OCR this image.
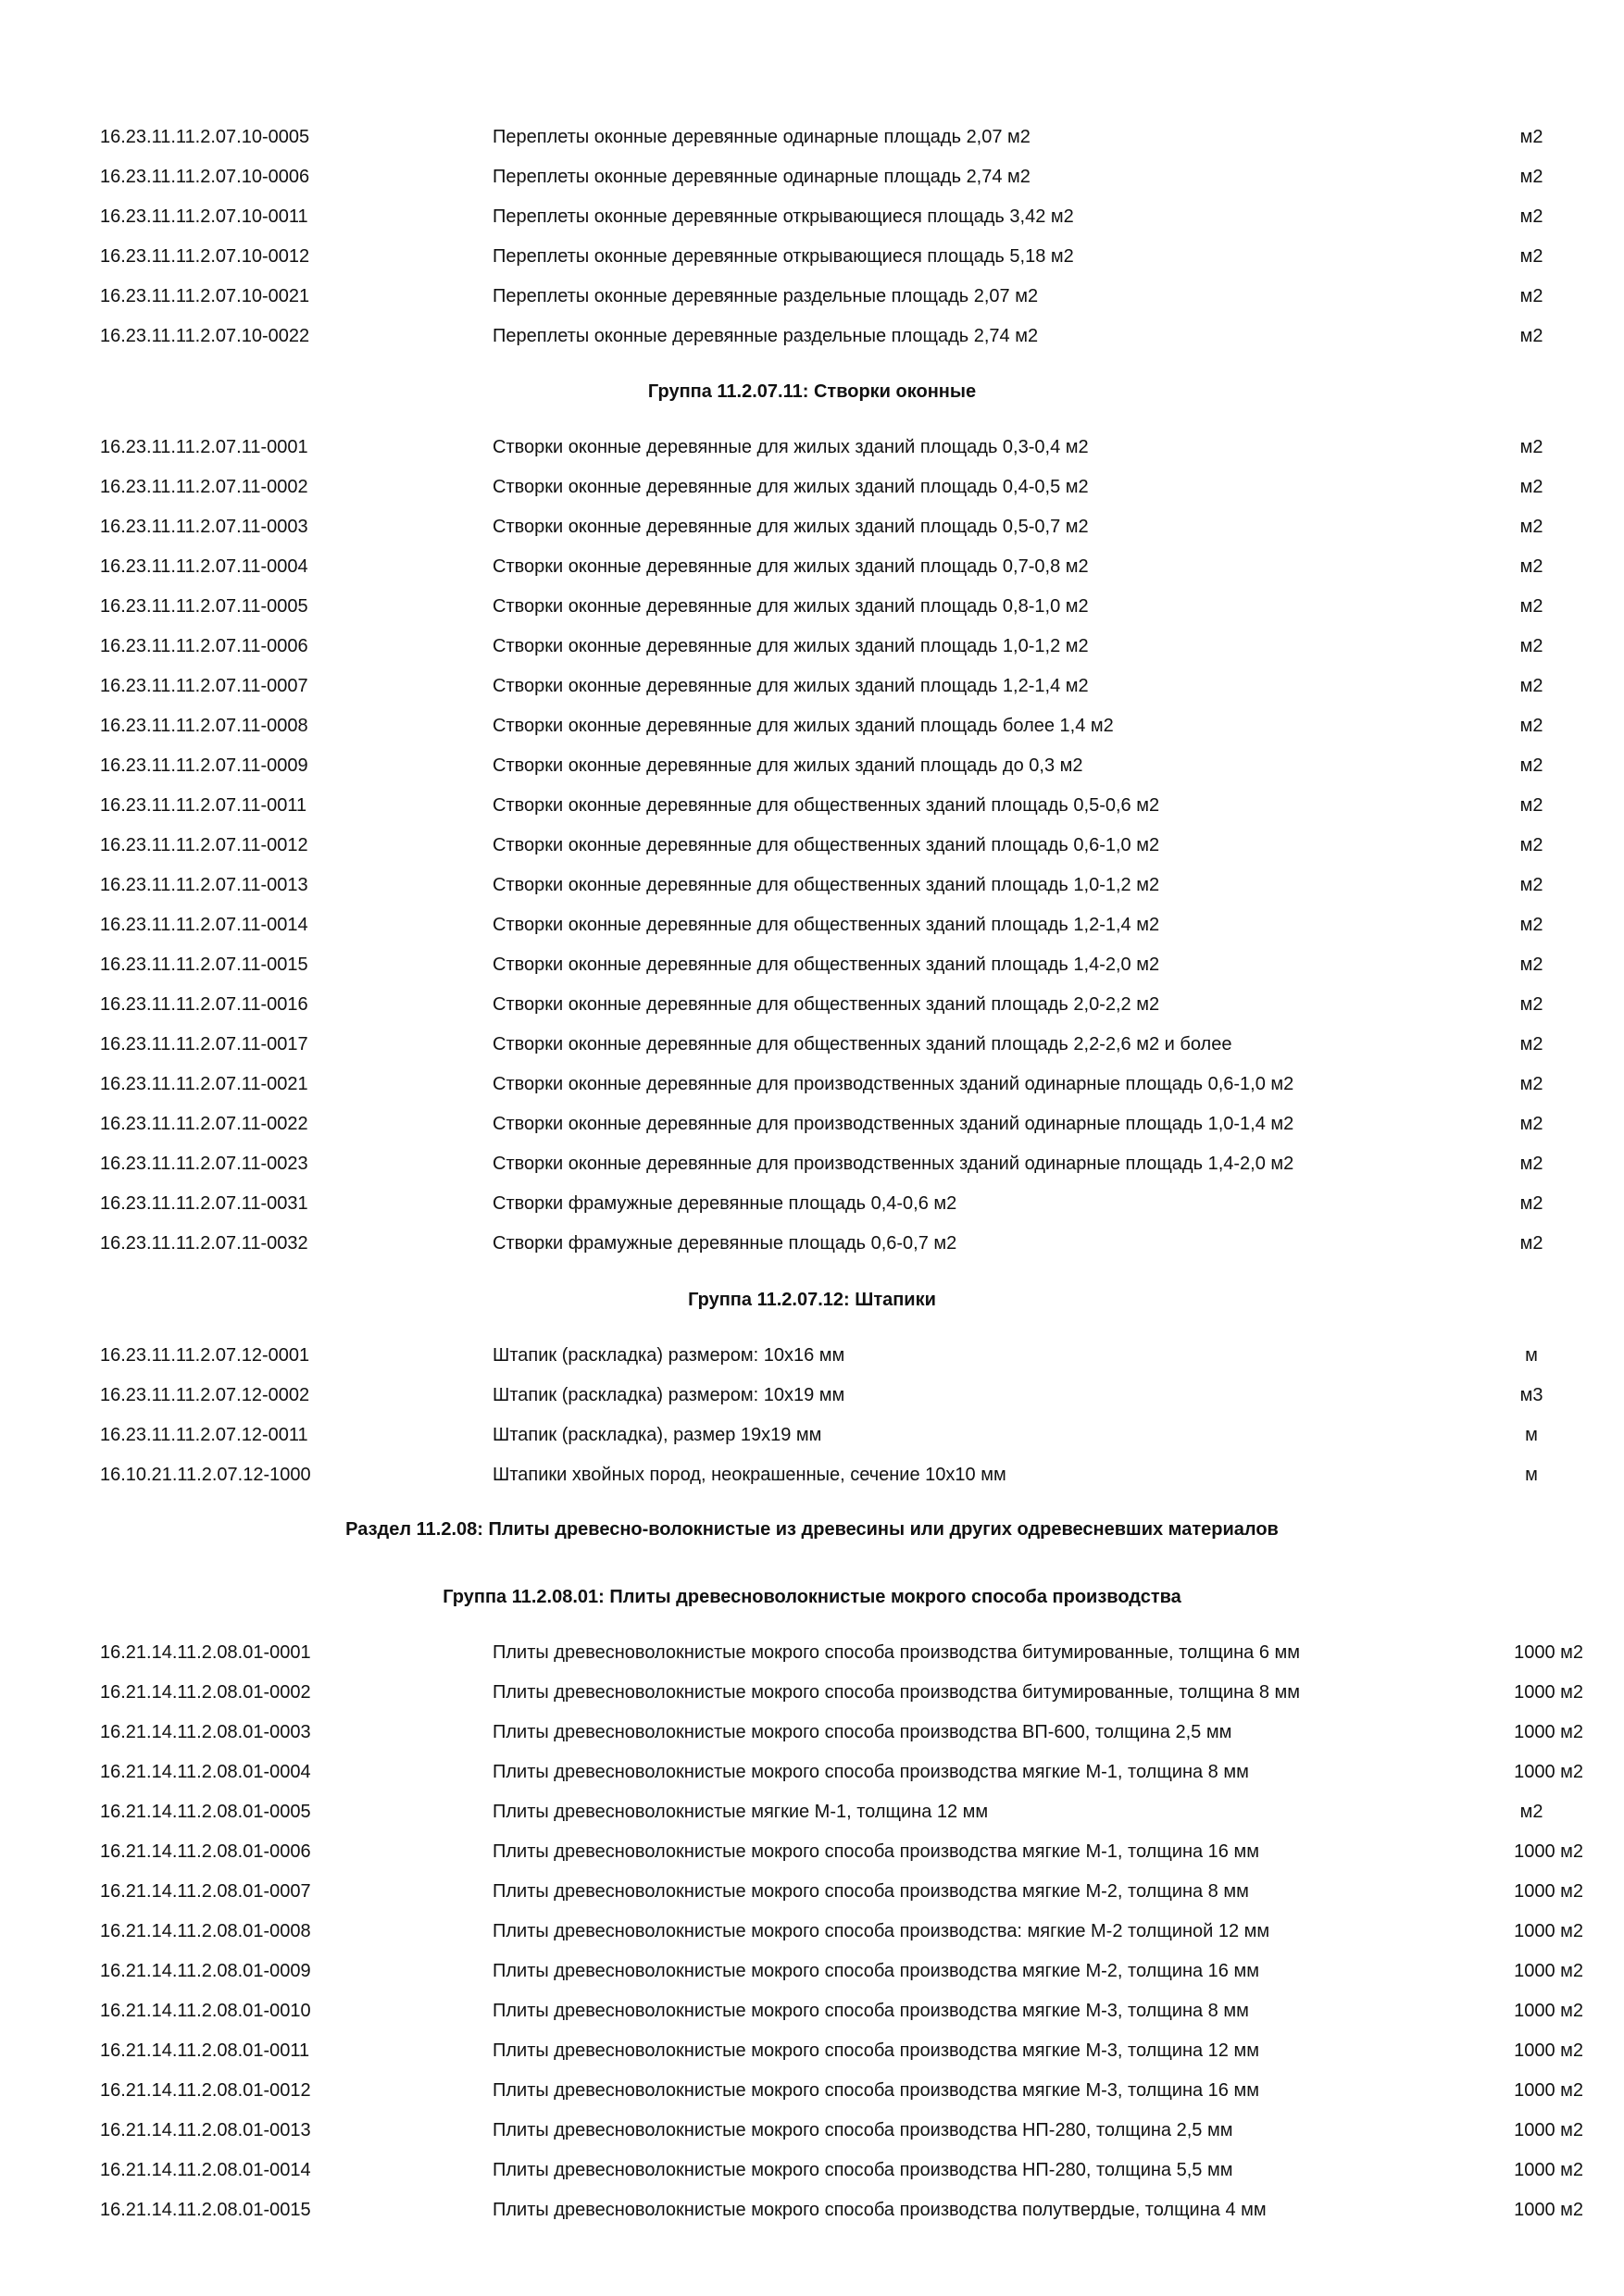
16.23.11.11.2.07.10-0005	Переплеты оконные деревянные одинарные площадь 2,07 м2	м2
16.23.11.11.2.07.10-0006	Переплеты оконные деревянные одинарные площадь 2,74 м2	м2
16.23.11.11.2.07.10-0011	Переплеты оконные деревянные открывающиеся площадь 3,42 м2	м2
16.23.11.11.2.07.10-0012	Переплеты оконные деревянные открывающиеся площадь 5,18 м2	м2
16.23.11.11.2.07.10-0021	Переплеты оконные деревянные раздельные площадь 2,07 м2	м2
16.23.11.11.2.07.10-0022	Переплеты оконные деревянные раздельные площадь 2,74 м2	м2
Группа 11.2.07.11: Створки оконные
16.23.11.11.2.07.11-0001	Створки оконные деревянные для жилых зданий площадь 0,3-0,4 м2	м2
16.23.11.11.2.07.11-0002	Створки оконные деревянные для жилых зданий площадь 0,4-0,5 м2	м2
16.23.11.11.2.07.11-0003	Створки оконные деревянные для жилых зданий площадь 0,5-0,7 м2	м2
16.23.11.11.2.07.11-0004	Створки оконные деревянные для жилых зданий площадь 0,7-0,8 м2	м2
16.23.11.11.2.07.11-0005	Створки оконные деревянные для жилых зданий площадь 0,8-1,0 м2	м2
16.23.11.11.2.07.11-0006	Створки оконные деревянные для жилых зданий площадь 1,0-1,2 м2	м2
16.23.11.11.2.07.11-0007	Створки оконные деревянные для жилых зданий площадь 1,2-1,4 м2	м2
16.23.11.11.2.07.11-0008	Створки оконные деревянные для жилых зданий площадь более 1,4 м2	м2
16.23.11.11.2.07.11-0009	Створки оконные деревянные для жилых зданий площадь до 0,3 м2	м2
16.23.11.11.2.07.11-0011	Створки оконные деревянные для общественных зданий площадь 0,5-0,6 м2	м2
16.23.11.11.2.07.11-0012	Створки оконные деревянные для общественных зданий площадь 0,6-1,0 м2	м2
16.23.11.11.2.07.11-0013	Створки оконные деревянные для общественных зданий площадь 1,0-1,2 м2	м2
16.23.11.11.2.07.11-0014	Створки оконные деревянные для общественных зданий площадь 1,2-1,4 м2	м2
16.23.11.11.2.07.11-0015	Створки оконные деревянные для общественных зданий площадь 1,4-2,0 м2	м2
16.23.11.11.2.07.11-0016	Створки оконные деревянные для общественных зданий площадь 2,0-2,2 м2	м2
16.23.11.11.2.07.11-0017	Створки оконные деревянные для общественных зданий площадь 2,2-2,6 м2 и более	м2
16.23.11.11.2.07.11-0021	Створки оконные деревянные для производственных зданий одинарные площадь 0,6-1,0 м2	м2
16.23.11.11.2.07.11-0022	Створки оконные деревянные для производственных зданий одинарные площадь 1,0-1,4 м2	м2
16.23.11.11.2.07.11-0023	Створки оконные деревянные для производственных зданий одинарные площадь 1,4-2,0 м2	м2
16.23.11.11.2.07.11-0031	Створки фрамужные деревянные площадь 0,4-0,6 м2	м2
16.23.11.11.2.07.11-0032	Створки фрамужные деревянные площадь 0,6-0,7 м2	м2
Группа 11.2.07.12: Штапики
16.23.11.11.2.07.12-0001	Штапик (раскладка) размером: 10х16 мм	м
16.23.11.11.2.07.12-0002	Штапик (раскладка) размером: 10х19 мм	м3
16.23.11.11.2.07.12-0011	Штапик (раскладка), размер 19х19 мм	м
16.10.21.11.2.07.12-1000	Штапики хвойных пород, неокрашенные, сечение 10х10 мм	м
Раздел 11.2.08: Плиты древесно-волокнистые из древесины или других одревесневших материалов
Группа 11.2.08.01: Плиты древесноволокнистые мокрого способа производства
16.21.14.11.2.08.01-0001	Плиты древесноволокнистые мокрого способа производства битумированные, толщина 6 мм	1000 м2
16.21.14.11.2.08.01-0002	Плиты древесноволокнистые мокрого способа производства битумированные, толщина 8 мм	1000 м2
16.21.14.11.2.08.01-0003	Плиты древесноволокнистые мокрого способа производства ВП-600, толщина 2,5 мм	1000 м2
16.21.14.11.2.08.01-0004	Плиты древесноволокнистые мокрого способа производства мягкие М-1, толщина 8 мм	1000 м2
16.21.14.11.2.08.01-0005	Плиты древесноволокнистые мягкие М-1, толщина 12 мм	м2
16.21.14.11.2.08.01-0006	Плиты древесноволокнистые мокрого способа производства мягкие М-1, толщина 16 мм	1000 м2
16.21.14.11.2.08.01-0007	Плиты древесноволокнистые мокрого способа производства мягкие М-2, толщина 8 мм	1000 м2
16.21.14.11.2.08.01-0008	Плиты древесноволокнистые мокрого способа производства: мягкие М-2 толщиной 12 мм	1000 м2
16.21.14.11.2.08.01-0009	Плиты древесноволокнистые мокрого способа производства мягкие М-2, толщина 16 мм	1000 м2
16.21.14.11.2.08.01-0010	Плиты древесноволокнистые мокрого способа производства мягкие М-3, толщина 8 мм	1000 м2
16.21.14.11.2.08.01-0011	Плиты древесноволокнистые мокрого способа производства мягкие М-3, толщина 12 мм	1000 м2
16.21.14.11.2.08.01-0012	Плиты древесноволокнистые мокрого способа производства мягкие М-3, толщина 16 мм	1000 м2
16.21.14.11.2.08.01-0013	Плиты древесноволокнистые мокрого способа производства НП-280, толщина 2,5 мм	1000 м2
16.21.14.11.2.08.01-0014	Плиты древесноволокнистые мокрого способа производства НП-280, толщина 5,5 мм	1000 м2
16.21.14.11.2.08.01-0015	Плиты древесноволокнистые мокрого способа производства полутвердые, толщина 4 мм	1000 м2
